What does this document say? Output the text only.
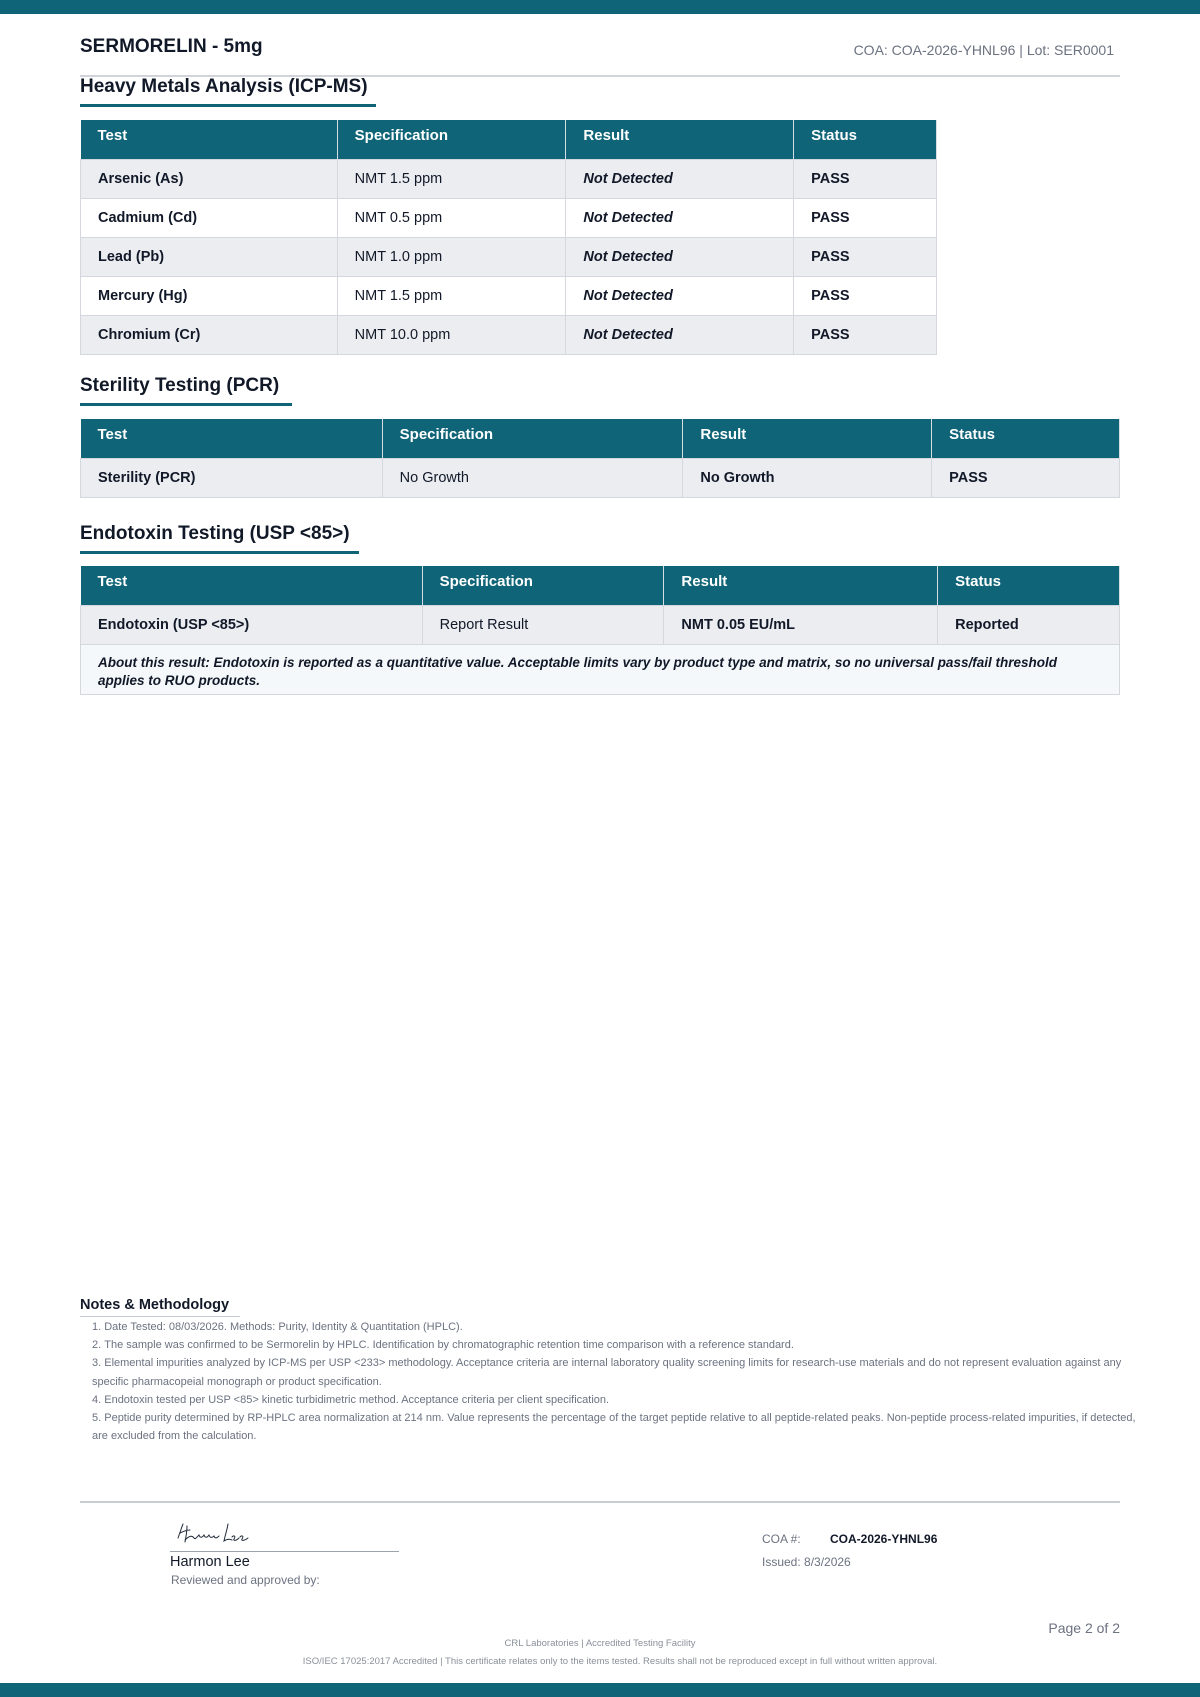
SERMORELIN - 5mg	COA: COA-2026-YHNL96 | Lot: SER0001
Heavy Metals Analysis (ICP-MS)
Test	Specification	Result	Status
Arsenic (As)	NMT 1.5 ppm	Not Detected	PASS
Cadmium (Cd)	NMT 0.5 ppm	Not Detected	PASS
Lead (Pb)	NMT 1.0 ppm	Not Detected	PASS
Mercury (Hg)	NMT 1.5 ppm	Not Detected	PASS
Chromium (Cr)	NMT 10.0 ppm	Not Detected	PASS
Sterility Testing (PCR)
Test	Specification	Result	Status
Sterility (PCR)	No Growth	No Growth	PASS
Endotoxin Testing (USP <85>)
Test	Specification	Result	Status
Endotoxin (USP <85>)	Report Result	NMT 0.05 EU/mL	Reported
About this result: Endotoxin is reported as a quantitative value. Acceptable limits vary by product type and matrix, so no universal pass/fail threshold applies to RUO products.			
Notes & Methodology
1. Date Tested: 08/03/2026. Methods: Purity, Identity & Quantitation (HPLC).
2. The sample was confirmed to be Sermorelin by HPLC. Identification by chromatographic retention time comparison with a reference standard.
3. Elemental impurities analyzed by ICP-MS per USP <233> methodology. Acceptance criteria are internal laboratory quality screening limits for research-use materials and do not represent evaluation against any specific pharmacopeial monograph or product specification.
4. Endotoxin tested per USP <85> kinetic turbidimetric method. Acceptance criteria per client specification.
5. Peptide purity determined by RP-HPLC area normalization at 214 nm. Value represents the percentage of the target peptide relative to all peptide-related peaks. Non-peptide process-related impurities, if detected, are excluded from the calculation.
Harmon Lee
Reviewed and approved by:
COA #: COA-2026-YHNL96
Issued: 8/3/2026
Page 2 of 2
CRL Laboratories | Accredited Testing Facility
ISO/IEC 17025:2017 Accredited | This certificate relates only to the items tested. Results shall not be reproduced except in full without written approval.
